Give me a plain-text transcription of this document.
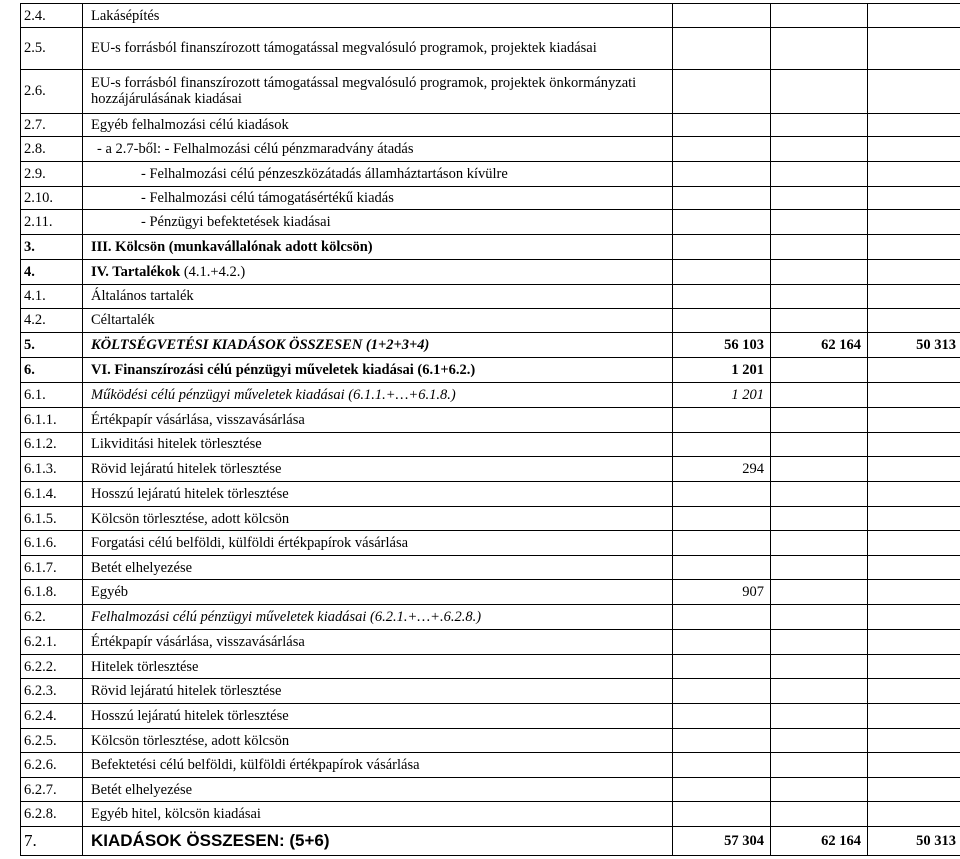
2.4.	Lakásépítés			
2.5.	EU-s forrásból finanszírozott támogatással megvalósuló programok, projektek kiadásai			
2.6.	EU-s forrásból finanszírozott támogatással megvalósuló programok, projektek önkormányzati hozzájárulásának kiadásai			
2.7.	Egyéb felhalmozási célú kiadások			
2.8.	- a 2.7-ből: - Felhalmozási célú pénzmaradvány átadás			
2.9.	- Felhalmozási célú pénzeszközátadás államháztartáson kívülre			
2.10.	- Felhalmozási célú támogatásértékű kiadás			
2.11.	- Pénzügyi befektetések kiadásai			
3.	III. Kölcsön (munkavállalónak adott kölcsön)			
4.	IV. Tartalékok (4.1.+4.2.)			
4.1.	Általános tartalék			
4.2.	Céltartalék			
5.	KÖLTSÉGVETÉSI KIADÁSOK ÖSSZESEN (1+2+3+4)	56 103	62 164	50 313
6.	VI. Finanszírozási célú pénzügyi műveletek kiadásai (6.1+6.2.)	1 201		
6.1.	Működési célú pénzügyi műveletek kiadásai (6.1.1.+…+6.1.8.)	1 201		
6.1.1.	Értékpapír vásárlása, visszavásárlása			
6.1.2.	Likviditási hitelek törlesztése			
6.1.3.	Rövid lejáratú hitelek törlesztése	294		
6.1.4.	Hosszú lejáratú hitelek törlesztése			
6.1.5.	Kölcsön törlesztése, adott kölcsön			
6.1.6.	Forgatási célú belföldi, külföldi értékpapírok vásárlása			
6.1.7.	Betét elhelyezése			
6.1.8.	Egyéb	907		
6.2.	Felhalmozási célú pénzügyi műveletek kiadásai (6.2.1.+…+.6.2.8.)			
6.2.1.	Értékpapír vásárlása, visszavásárlása			
6.2.2.	Hitelek törlesztése			
6.2.3.	Rövid lejáratú hitelek törlesztése			
6.2.4.	Hosszú lejáratú hitelek törlesztése			
6.2.5.	Kölcsön törlesztése, adott kölcsön			
6.2.6.	Befektetési célú belföldi, külföldi értékpapírok vásárlása			
6.2.7.	Betét elhelyezése			
6.2.8.	Egyéb hitel, kölcsön kiadásai			
7.	KIADÁSOK ÖSSZESEN: (5+6)	57 304	62 164	50 313
